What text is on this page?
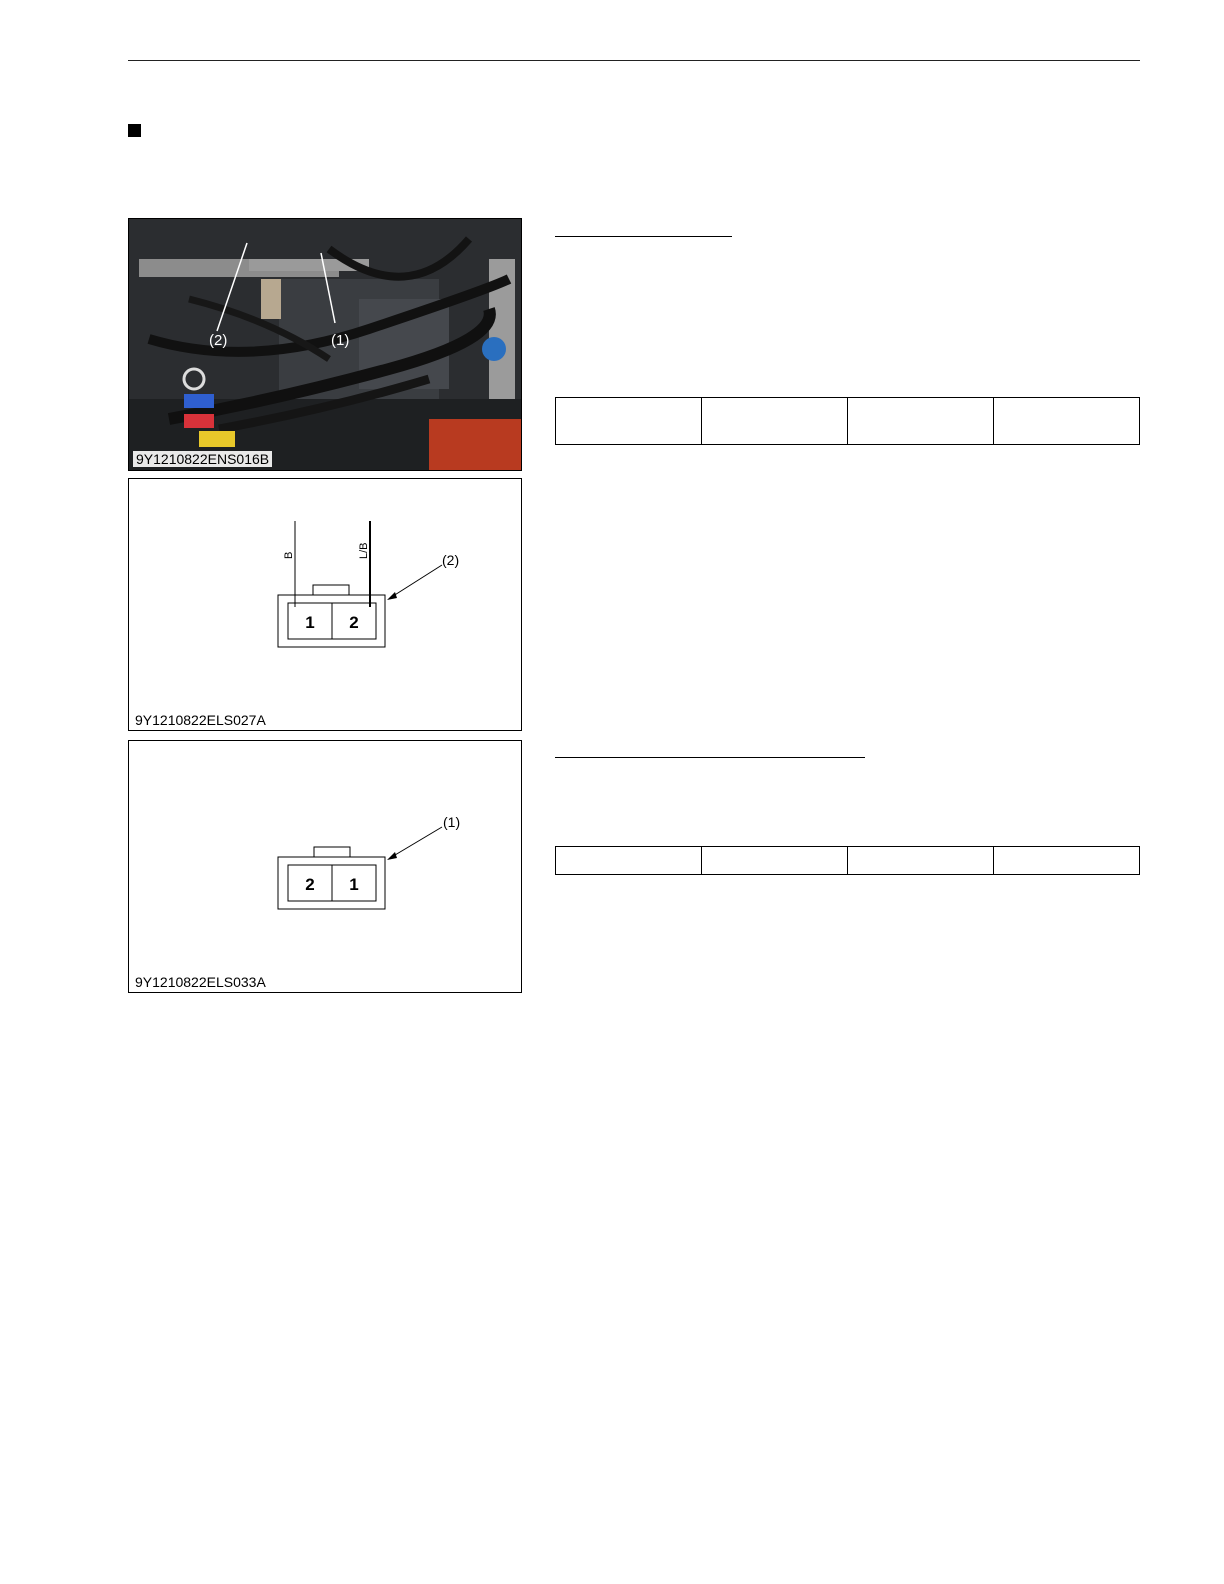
(2)	(1)
9Y1210822ENS016B
B	L/B
1 2
(2)
9Y1210822ELS027A
2 1
(1)
9Y1210822ELS033A
